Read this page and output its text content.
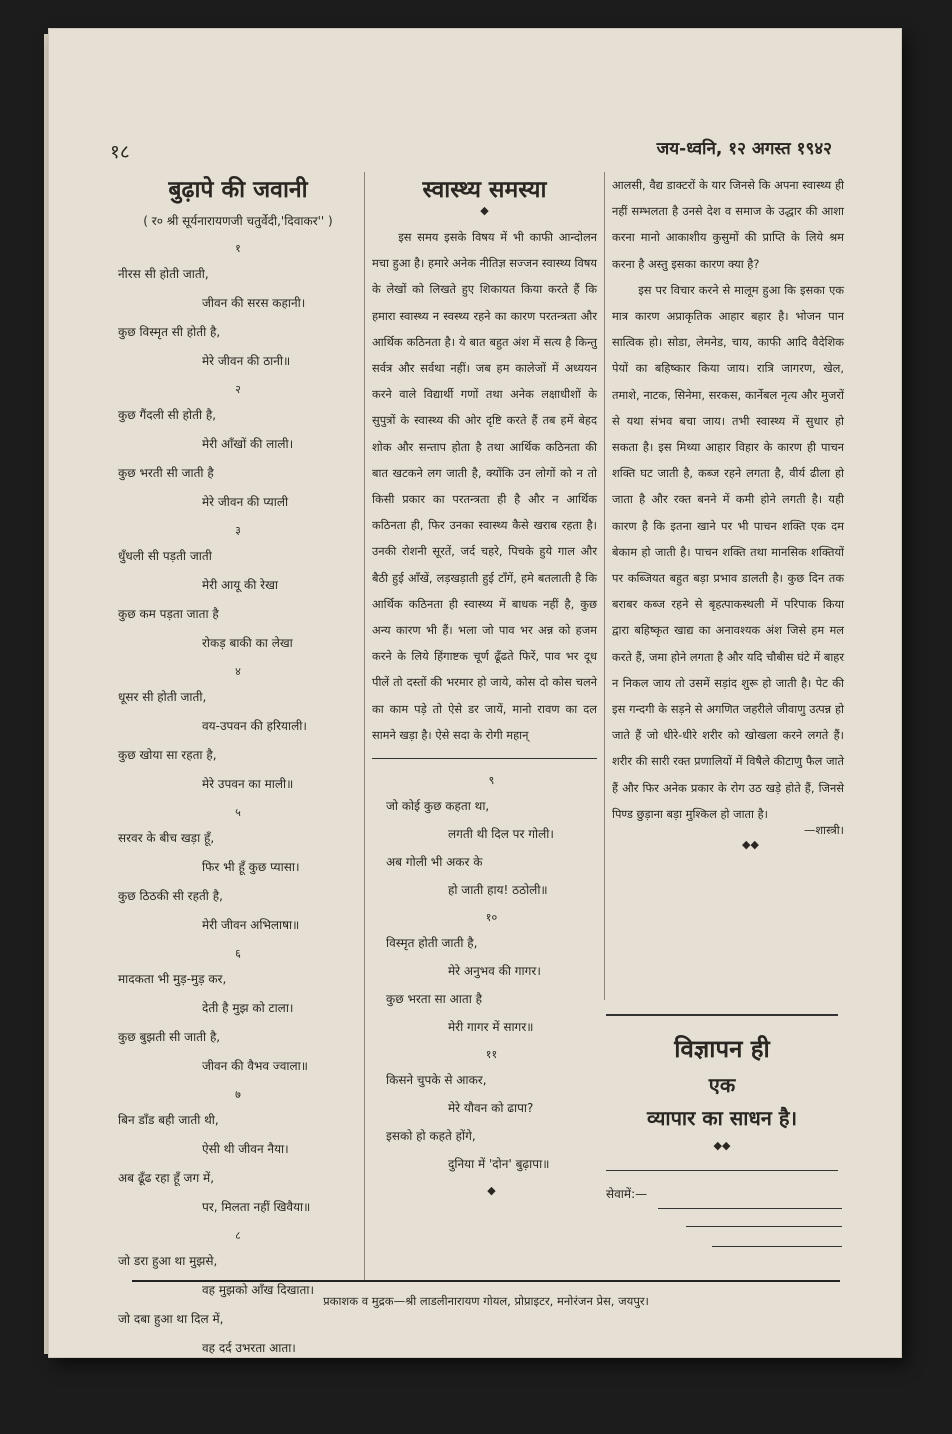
१८	जय-ध्वनि, १२ अगस्त १९४२
बुढ़ापे की जवानी
( र० श्री सूर्यनारायणजी चतुर्वेदी,'दिवाकर'' )
१
नीरस सी होती जाती,
जीवन की सरस कहानी।
कुछ विस्मृत सी होती है,
मेरे जीवन की ठानी॥
२
कुछ गैंदली सी होती है,
मेरी आँखों की लाली।
कुछ भरती सी जाती है
मेरे जीवन की प्याली
३
धुँधली सी पड़ती जाती
मेरी आयू की रेखा
कुछ कम पड़ता जाता है
रोकड़ बाकी का लेखा
४
धूसर सी होती जाती,
वय-उपवन की हरियाली।
कुछ खोया सा रहता है,
मेरे उपवन का माली॥
५
सरवर के बीच खड़ा हूँ,
फिर भी हूँ कुछ प्यासा।
कुछ ठिठकी सी रहती है,
मेरी जीवन अभिलाषा॥
६
मादकता भी मुड़-मुड़ कर,
देती है मुझ को टाला।
कुछ बुझती सी जाती है,
जीवन की वैभव ज्वाला॥
७
बिन डाँड बही जाती थी,
ऐसी थी जीवन नैया।
अब ढूँढ रहा हूँ जग में,
पर, मिलता नहीं खिवैया॥
८
जो डरा हुआ था मुझसे,
वह मुझको आँख दिखाता।
जो दबा हुआ था दिल में,
वह दर्द उभरता आता।
स्वास्थ्य समस्या
◆

इस समय इसके विषय में भी काफी आन्दोलन मचा हुआ है। हमारे अनेक नीतिज्ञ सज्जन स्वास्थ्य विषय के लेखों को लिखते हुए शिकायत किया करते हैं कि हमारा स्वास्थ्य न स्वस्थ्य रहने का कारण परतन्त्रता और आर्थिक कठिनता है। ये बात बहुत अंश में सत्य है किन्तु सर्वत्र और सर्वथा नहीं। जब हम कालेजों में अध्ययन करने वाले विद्यार्थी गणों तथा अनेक लक्षाधीशों के सुपुत्रों के स्वास्थ्य की ओर दृष्टि करते हैं तब हमें बेहद शोक और सन्ताप होता है तथा आर्थिक कठिनता की बात खटकने लग जाती है, क्योंकि उन लोगों को न तो किसी प्रकार का परतन्त्रता ही है और न आर्थिक कठिनता ही, फिर उनका स्वास्थ्य कैसे खराब रहता है। उनकी रोशनी सूरतें, जर्द चहरे, पिचके हुये गाल और बैठी हुई आँखें, लड़खड़ाती हुई टाँगें, हमे बतलाती है कि आर्थिक कठिनता ही स्वास्थ्य में बाधक नहीं है, कुछ अन्य कारण भी हैं। भला जो पाव भर अन्न को हजम करने के लिये हिंगाष्टक चूर्ण ढूँढते फिरें, पाव भर दूध पीलें तो दस्तों की भरमार हो जाये, कोस दो कोस चलने का काम पड़े तो ऐसे डर जायें, मानो रावण का दल सामने खड़ा है। ऐसे सदा के रोगी महान्

९
जो कोई कुछ कहता था,
लगती थी दिल पर गोली।
अब गोली भी अकर के
हो जाती हाय! ठठोली॥
१०
विस्मृत होती जाती है,
मेरे अनुभव की गागर।
कुछ भरता सा आता है
मेरी गागर में सागर॥
११
किसने चुपके से आकर,
मेरे यौवन को ढापा?
इसको हो कहते होंगे,
दुनिया में 'दोन' बुढ़ापा॥
◆

आलसी, वैद्य डाक्टरों के यार जिनसे कि अपना स्वास्थ्य ही नहीं सम्भलता है उनसे देश व समाज के उद्धार की आशा करना मानो आकाशीय कुसुमों की प्राप्ति के लिये श्रम करना है अस्तु इसका कारण क्या है?

इस पर विचार करने से मालूम हुआ कि इसका एक मात्र कारण अप्राकृतिक आहार बहार है। भोजन पान सात्विक हो। सोडा, लेमनेड, चाय, काफी आदि वैदेशिक पेयों का बहिष्कार किया जाय। रात्रि जागरण, खेल, तमाशे, नाटक, सिनेमा, सरकस, कार्नेबल नृत्य और मुजरों से यथा संभव बचा जाय। तभी स्वास्थ्य में सुधार हो सकता है। इस मिथ्या आहार विहार के कारण ही पाचन शक्ति घट जाती है, कब्ज रहने लगता है, वीर्य ढीला हो जाता है और रक्त बनने में कमी होने लगती है। यही कारण है कि इतना खाने पर भी पाचन शक्ति एक दम बेकाम हो जाती है। पाचन शक्ति तथा मानसिक शक्तियों पर कब्जियत बहुत बड़ा प्रभाव डालती है। कुछ दिन तक बराबर कब्ज रहने से बृहत्पाकस्थली में परिपाक किया द्वारा बहिष्कृत खाद्य का अनावश्यक अंश जिसे हम मल करते हैं, जमा होने लगता है और यदि चौबीस घंटे में बाहर न निकल जाय तो उसमें सड़ांद शुरू हो जाती है। पेट की इस गन्दगी के सड़ने से अगणित जहरीले जीवाणु उत्पन्न हो जाते हैं जो धीरे-धीरे शरीर को खोखला करने लगते हैं। शरीर की सारी रक्त प्रणालियों में विषैले कीटाणु फैल जाते हैं और फिर अनेक प्रकार के रोग उठ खड़े होते हैं, जिनसे पिण्ड छुड़ाना बड़ा मुश्किल हो जाता है।

—शास्त्री।
◆◆
विज्ञापन ही
एक
व्यापार का साधन है।
◆◆
सेवामें:—
प्रकाशक व मुद्रक—श्री लाडलीनारायण गोयल, प्रोप्राइटर, मनोरंजन प्रेस, जयपुर।
